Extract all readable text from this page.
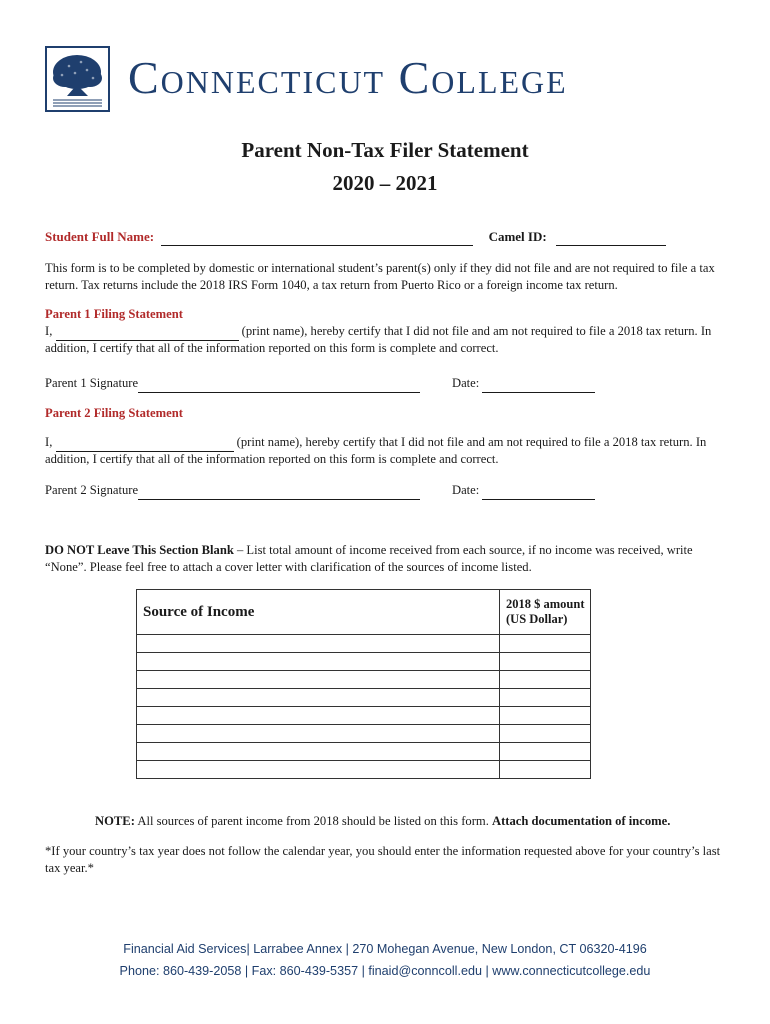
Connecticut College
Parent Non-Tax Filer Statement
2020 – 2021
Student Full Name:	Camel ID:
This form is to be completed by domestic or international student’s parent(s) only if they did not file and are not required to file a tax return. Tax returns include the 2018 IRS Form 1040, a tax return from Puerto Rico or a foreign income tax return.
Parent 1 Filing Statement
I,	(print name), hereby certify that I did not file and am not required to file a 2018 tax return. In
addition, I certify that all of the information reported on this form is complete and correct.
Parent 1 Signature	Date:
Parent 2 Filing Statement
I,	(print name), hereby certify that I did not file and am not required to file a 2018 tax return. In
addition, I certify that all of the information reported on this form is complete and correct.
Parent 2 Signature	Date:
DO NOT Leave This Section Blank – List total amount of income received from each source, if no income was received, write
“None”. Please feel free to attach a cover letter with clarification of the sources of income listed.
Source of Income	2018 $ amount
(US Dollar)

NOTE: All sources of parent income from 2018 should be listed on this form. Attach documentation of income.
*If your country’s tax year does not follow the calendar year, you should enter the information requested above for your country’s last
tax year.*
Financial Aid Services| Larrabee Annex | 270 Mohegan Avenue, New London, CT 06320-4196
Phone: 860-439-2058 | Fax: 860-439-5357 | finaid@conncoll.edu | www.connecticutcollege.edu
